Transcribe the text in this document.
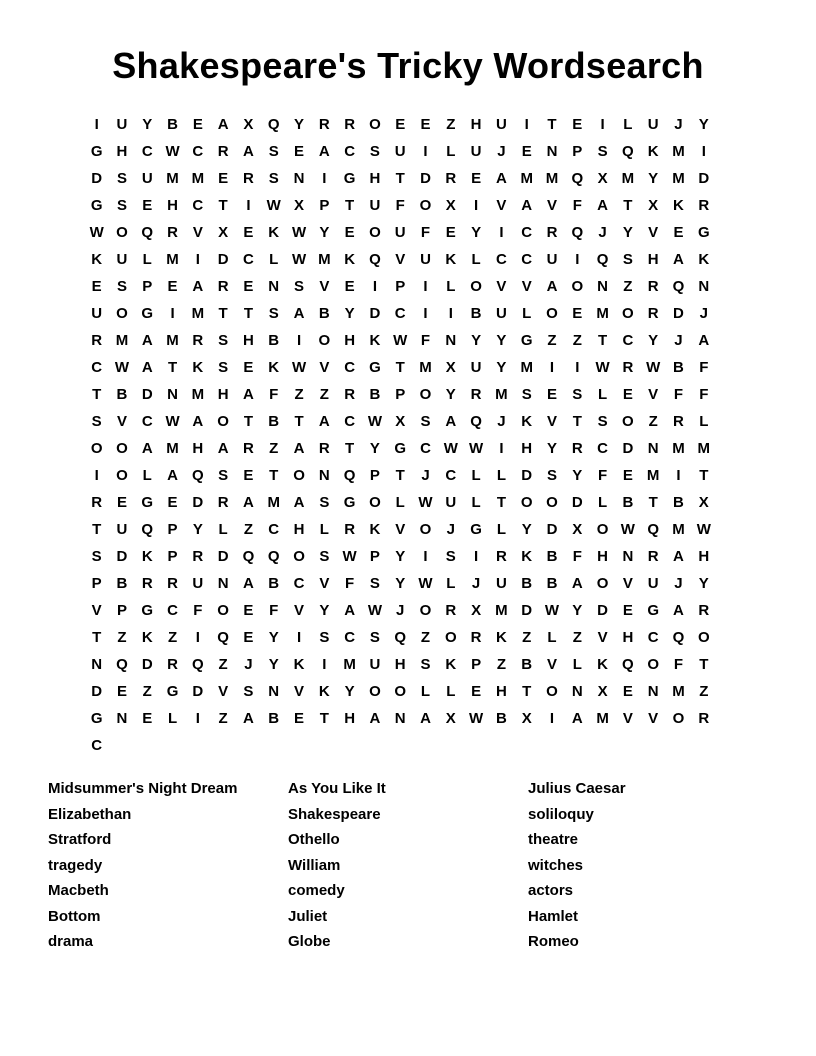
Shakespeare's Tricky Wordsearch
I	U Y B E A X Q Y R R O E	E	Z	H U	I	T	E	I	L	U	J	Y
G H C W C R A S	E A C S U	I	L	U	J	E N P	S Q K M	I
D S U M M E R S N	I	G H	T	D R E A M M Q X M Y M D
G S	E H C	T	I	W X	P	T	U	F O X	I	V A V	F	A	T	X K R
W O Q R V	X	E K W Y	E O U	F	E	Y	I	C R Q	J	Y	V	E G
K U	L M	I	D C	L W M K Q V U K	L	C C U	I	Q S H A K
E	S	P	E A R E N S	V	E	I	P	I	L O V	V A O N	Z	R Q N
U O G	I	M T	T	S A B Y D C	I	I	B U	L O E M O R D	J
R M A M R S H B	I	O H K W F	N Y	Y G Z	Z	T	C Y	J	A
C W A	T	K S	E K W V C G T M X U Y M	I	I	W R W B	F
T	B D N M H A	F	Z	Z	R B P O Y R M S	E	S	L	E	V	F	F
S	V C W A O T	B	T	A C W X	S A Q	J	K V	T	S O Z	R	L
O O A M H A R	Z	A R	T	Y G C W W	I	H Y R C D N M M
I	O L	A Q S	E	T O N Q P	T	J	C	L	L	D S	Y	F	E M	I	T
R E G E D R A M A S G O L W U	L	T O O D	L	B	T	B X
T	U Q P	Y	L	Z	C H	L	R K V O	J	G L	Y D X O W Q M W
S D K P R D Q Q O S W P	Y	I	S	I	R K B	F	H N R A H
P B R R U N A B C V	F	S	Y W L	J	U B B A O V U	J	Y
V	P G C	F O E	F	V	Y A W J	O R X M D W Y D E G A R
T	Z	K	Z	I	Q E	Y	I	S C S Q Z O R K	Z	L	Z	V H C Q O
N Q D R Q Z	J	Y K	I	M U H S K P	Z	B V	L	K Q O F	T
D E	Z G D V	S N V K Y O O L	L	E H	T O N X	E N M Z
G N E	L	I	Z	A B E	T	H A N A X W B X	I	A M V	V O R
C
Midsummer's Night Dream
Elizabethan
Stratford
tragedy
Macbeth
Bottom
drama
As You Like It
Shakespeare
Othello
William
comedy
Juliet
Globe
Julius Caesar
soliloquy
theatre
witches
actors
Hamlet
Romeo
